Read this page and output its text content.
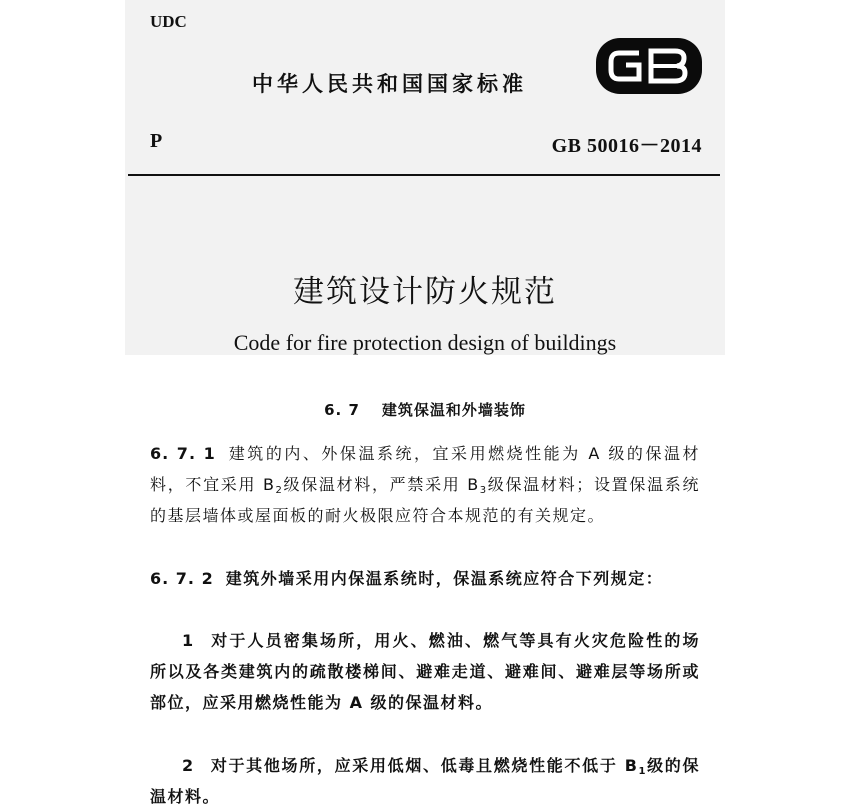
UDC
中华人民共和国国家标准
P	GB 50016－2014
建筑设计防火规范
Code for fire protection design of buildings
6. 7 建筑保温和外墙装饰
6. 7. 1 建筑的内、外保温系统，宜采用燃烧性能为 A 级的保温材料，不宜采用 $B_2$级保温材料，严禁采用 $B_3$级保温材料；设置保温系统的基层墙体或屋面板的耐火极限应符合本规范的有关规定。
6. 7. 2 建筑外墙采用内保温系统时，保温系统应符合下列规定：
1 对于人员密集场所，用火、燃油、燃气等具有火灾危险性的场所以及各类建筑内的疏散楼梯间、避难走道、避难间、避难层等场所或部位，应采用燃烧性能为 A 级的保温材料。
2 对于其他场所，应采用低烟、低毒且燃烧性能不低于 $B_1$级的保温材料。
